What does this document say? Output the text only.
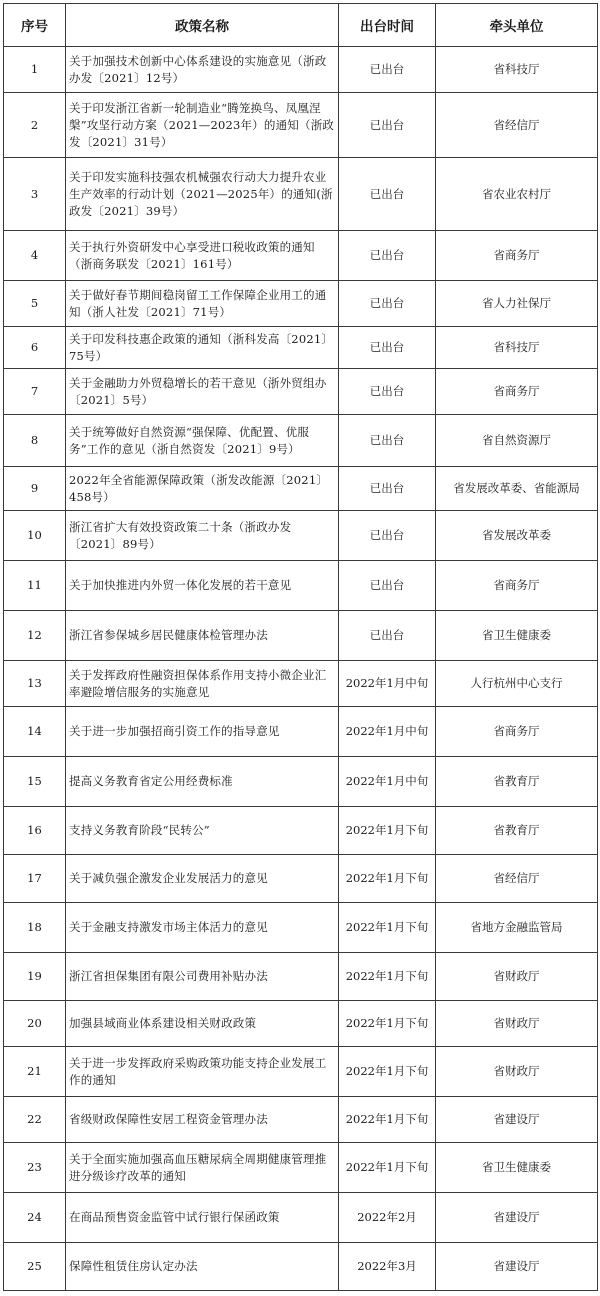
序号	政策名称	出台时间	牵头单位
1	关于加强技术创新中心体系建设的实施意见（浙政办发〔2021〕12号）	已出台	省科技厅
2	关于印发浙江省新一轮制造业“腾笼换鸟、凤凰涅槃”攻坚行动方案（2021—2023年）的通知（浙政发〔2021〕31号）	已出台	省经信厅
3	关于印发实施科技强农机械强农行动大力提升农业生产效率的行动计划（2021—2025年）的通知(浙政发〔2021〕39号）	已出台	省农业农村厅
4	关于执行外资研发中心享受进口税收政策的通知（浙商务联发〔2021〕161号）	已出台	省商务厅
5	关于做好春节期间稳岗留工工作保障企业用工的通知（浙人社发〔2021〕71号）	已出台	省人力社保厅
6	关于印发科技惠企政策的通知（浙科发高〔2021〕75号）	已出台	省科技厅
7	关于金融助力外贸稳增长的若干意见（浙外贸组办〔2021〕5号）	已出台	省商务厅
8	关于统筹做好自然资源“强保障、优配置、优服务”工作的意见（浙自然资发〔2021〕9号）	已出台	省自然资源厅
9	2022年全省能源保障政策（浙发改能源〔2021〕458号）	已出台	省发展改革委、省能源局
10	浙江省扩大有效投资政策二十条（浙政办发〔2021〕89号）	已出台	省发展改革委
11	关于加快推进内外贸一体化发展的若干意见	已出台	省商务厅
12	浙江省参保城乡居民健康体检管理办法	已出台	省卫生健康委
13	关于发挥政府性融资担保体系作用支持小微企业汇率避险增信服务的实施意见	2022年1月中旬	人行杭州中心支行
14	关于进一步加强招商引资工作的指导意见	2022年1月中旬	省商务厅
15	提高义务教育省定公用经费标准	2022年1月中旬	省教育厅
16	支持义务教育阶段“民转公”	2022年1月下旬	省教育厅
17	关于减负强企激发企业发展活力的意见	2022年1月下旬	省经信厅
18	关于金融支持激发市场主体活力的意见	2022年1月下旬	省地方金融监管局
19	浙江省担保集团有限公司费用补贴办法	2022年1月下旬	省财政厅
20	加强县域商业体系建设相关财政政策	2022年1月下旬	省财政厅
21	关于进一步发挥政府采购政策功能支持企业发展工作的通知	2022年1月下旬	省财政厅
22	省级财政保障性安居工程资金管理办法	2022年1月下旬	省建设厅
23	关于全面实施加强高血压糖尿病全周期健康管理推进分级诊疗改革的通知	2022年1月下旬	省卫生健康委
24	在商品预售资金监管中试行银行保函政策	2022年2月	省建设厅
25	保障性租赁住房认定办法	2022年3月	省建设厅
